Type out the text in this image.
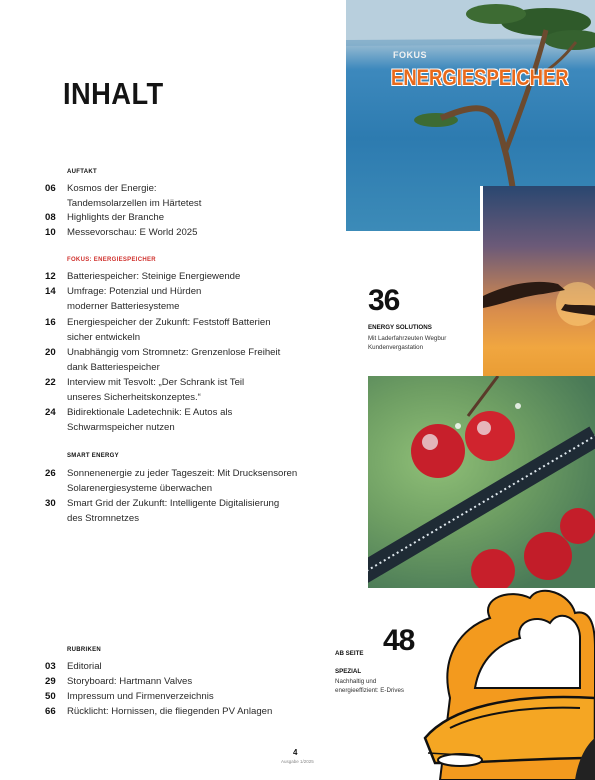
INHALT
AUFTAKT
06	Kosmos der Energie:
Tandemsolarzellen im Härtetest
08	Highlights der Branche
10	Messevorschau: E World 2025
FOKUS: ENERGIESPEICHER
12	Batteriespeicher: Steinige Energiewende
14	Umfrage: Potenzial und Hürden
moderner Batteriesysteme
16	Energiespeicher der Zukunft: Feststoff Batterien
sicher entwickeln
20	Unabhängig vom Stromnetz: Grenzenlose Freiheit
dank Batteriespeicher
22	Interview mit Tesvolt: „Der Schrank ist Teil
unseres Sicherheitskonzeptes.“
24	Bidirektionale Ladetechnik: E Autos als
Schwarmspeicher nutzen
SMART ENERGY
26	Sonnenenergie zu jeder Tageszeit: Mit Drucksensoren
Solarenergiesysteme überwachen
30	Smart Grid der Zukunft: Intelligente Digitalisierung
des Stromnetzes
RUBRIKEN
03	Editorial
29	Storyboard: Hartmann Valves
50	Impressum und Firmenverzeichnis
66	Rücklicht: Hornissen, die fliegenden PV Anlagen
FOKUS
ENERGIESPEICHER
36
ENERGY SOLUTIONS
Mit Laderfahrzeuten Wegbur
Kundenvergastation
AB SEITE 48
SPEZIAL
Nachhaltig und
energieeffizient: E-Drives
4
Ausgabe 1/2025
